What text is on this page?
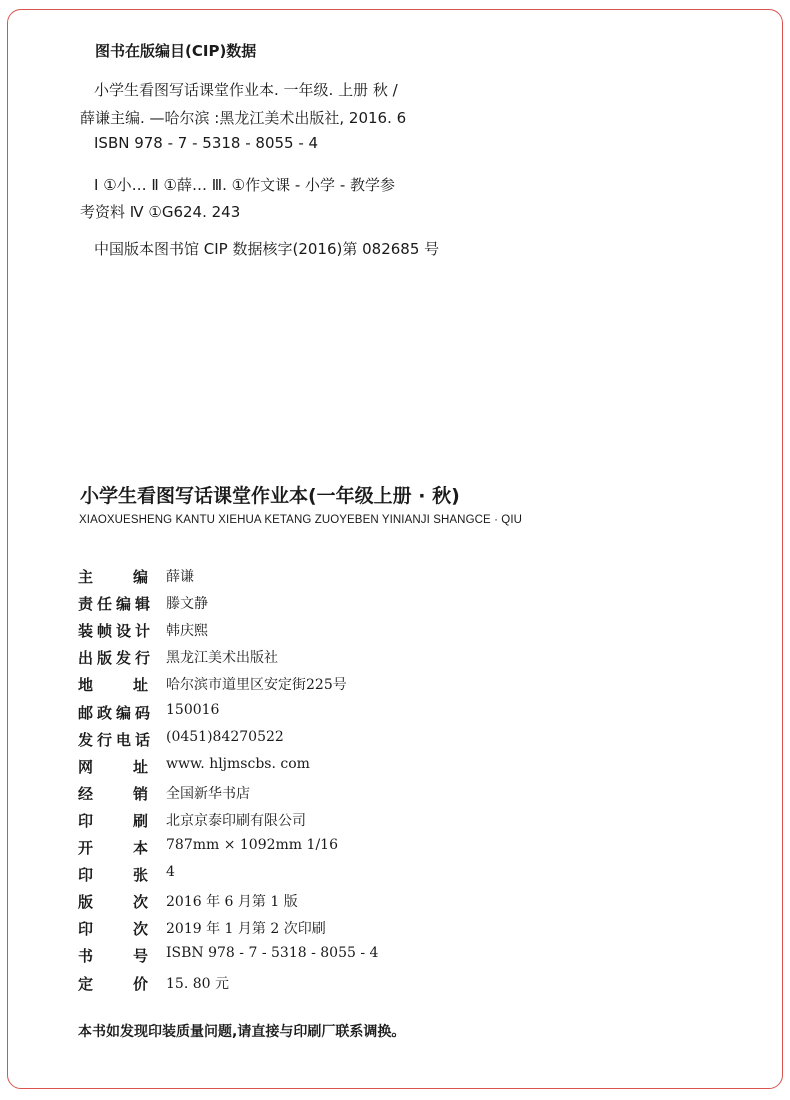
图书在版编目(CIP)数据
小学生看图写话课堂作业本. 一年级. 上册 秋 /
薛谦主编. —哈尔滨 :黑龙江美术出版社, 2016. 6
ISBN 978 - 7 - 5318 - 8055 - 4
Ⅰ ①小… Ⅱ ①薛… Ⅲ. ①作文课 - 小学 - 教学参
考资料 Ⅳ ①G624. 243
中国版本图书馆 CIP 数据核字(2016)第 082685 号
小学生看图写话课堂作业本(一年级上册 · 秋)
XIAOXUESHENG KANTU XIEHUA KETANG ZUOYEBEN YINIANJI SHANGCE · QIU
主	编 薛谦
责 任 编 辑 滕文静
装 帧 设 计 韩庆熙
出 版 发 行 黑龙江美术出版社
地	址 哈尔滨市道里区安定街225号
邮 政 编 码 150016
发 行 电 话 (0451)84270522
网	址 www. hljmscbs. com
经	销 全国新华书店
印	刷 北京京泰印刷有限公司
开	本 787mm × 1092mm 1/16
印	张 4
版	次 2016 年 6 月第 1 版
印	次 2019 年 1 月第 2 次印刷
书	号 ISBN 978 - 7 - 5318 - 8055 - 4
定	价 15. 80 元
本书如发现印装质量问题,请直接与印刷厂联系调换。
